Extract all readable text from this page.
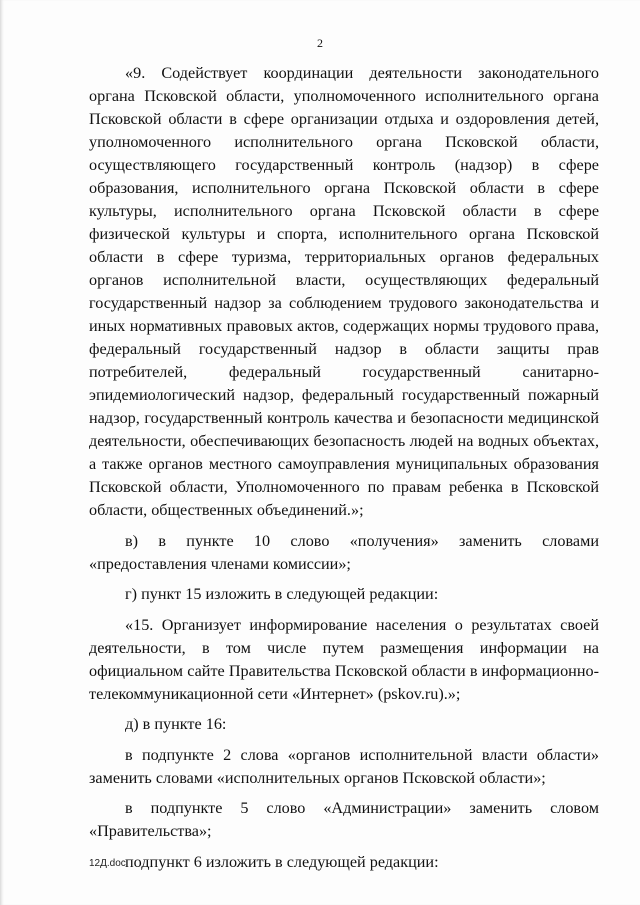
2

«9. Содействует координации деятельности законодательного органа Псковской области, уполномоченного исполнительного органа Псковской области в сфере организации отдыха и оздоровления детей, уполномоченного исполнительного органа Псковской области, осуществляющего государственный контроль (надзор) в сфере образования, исполнительного органа Псковской области в сфере культуры, исполнительного органа Псковской области в сфере физической культуры и спорта, исполнительного органа Псковской области в сфере туризма, территориальных органов федеральных органов исполнительной власти, осуществляющих федеральный государственный надзор за соблюдением трудового законодательства и иных нормативных правовых актов, содержащих нормы трудового права, федеральный государственный надзор в области защиты прав потребителей, федеральный государственный санитарно-эпидемиологический надзор, федеральный государственный пожарный надзор, государственный контроль качества и безопасности медицинской деятельности, обеспечивающих безопасность людей на водных объектах, а также органов местного самоуправления муниципальных образования Псковской области, Уполномоченного по правам ребенка в Псковской области, общественных объединений.»;

в) в пункте 10 слово «получения» заменить словами «предоставления членами комиссии»;

г) пункт 15 изложить в следующей редакции:

«15. Организует информирование населения о результатах своей деятельности, в том числе путем размещения информации на официальном сайте Правительства Псковской области в информационно-телекоммуникационной сети «Интернет» (pskov.ru).»;

д) в пункте 16:

в подпункте 2 слова «органов исполнительной власти области» заменить словами «исполнительных органов Псковской области»;

в подпункте 5 слово «Администрации» заменить словом «Правительства»;

подпункт 6 изложить в следующей редакции:

12Д.doc
